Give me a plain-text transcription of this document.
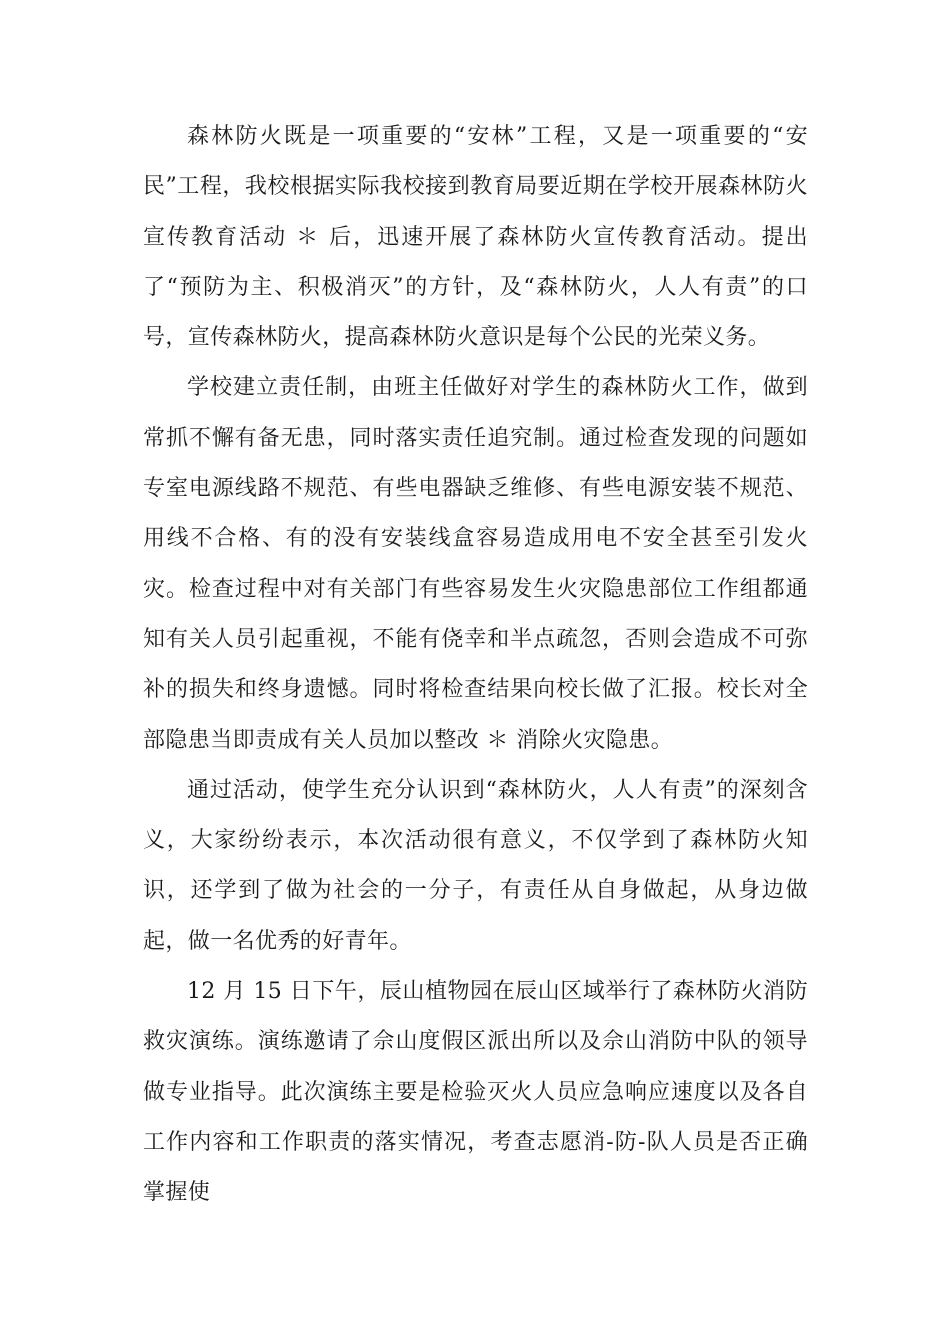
森林防火既是一项重要的“安林”工程，又是一项重要的“安民”工程，我校根据实际我校接到教育局要近期在学校开展森林防火宣传教育活动 ＊ 后，迅速开展了森林防火宣传教育活动。提出了“预防为主、积极消灭”的方针，及“森林防火，人人有责”的口号，宣传森林防火，提高森林防火意识是每个公民的光荣义务。

学校建立责任制，由班主任做好对学生的森林防火工作，做到常抓不懈有备无患，同时落实责任追究制。通过检查发现的问题如专室电源线路不规范、有些电器缺乏维修、有些电源安装不规范、用线不合格、有的没有安装线盒容易造成用电不安全甚至引发火灾。检查过程中对有关部门有些容易发生火灾隐患部位工作组都通知有关人员引起重视，不能有侥幸和半点疏忽，否则会造成不可弥补的损失和终身遗憾。同时将检查结果向校长做了汇报。校长对全部隐患当即责成有关人员加以整改 ＊ 消除火灾隐患。

通过活动，使学生充分认识到“森林防火，人人有责”的深刻含义，大家纷纷表示，本次活动很有意义，不仅学到了森林防火知识，还学到了做为社会的一分子，有责任从自身做起，从身边做起，做一名优秀的好青年。

12 月 15 日下午，辰山植物园在辰山区域举行了森林防火消防救灾演练。演练邀请了佘山度假区派出所以及佘山消防中队的领导做专业指导。此次演练主要是检验灭火人员应急响应速度以及各自工作内容和工作职责的落实情况，考查志愿消-防-队人员是否正确掌握使
